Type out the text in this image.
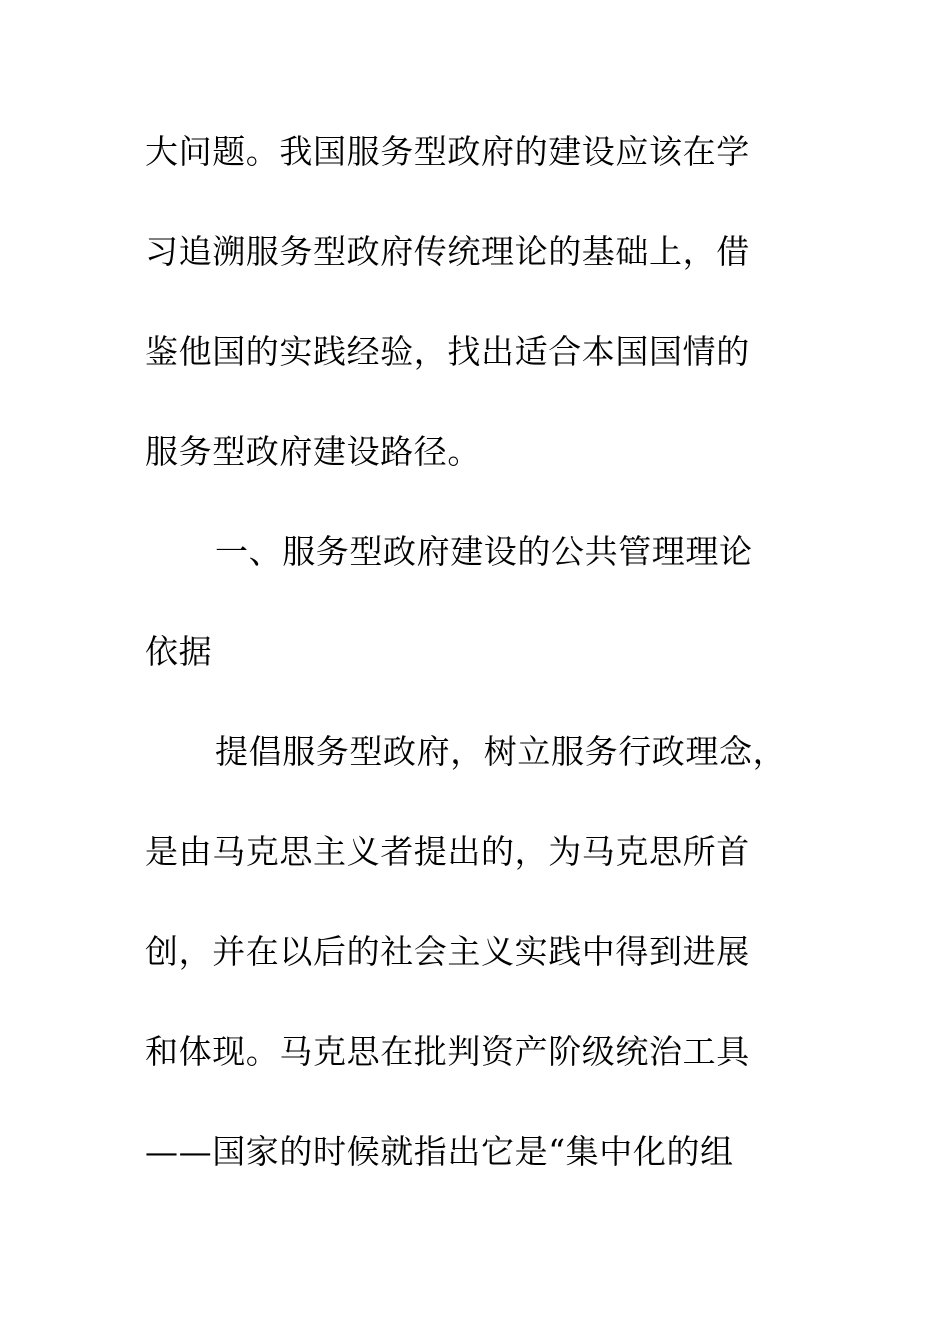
大问题。我国服务型政府的建设应该在学
习追溯服务型政府传统理论的基础上，借
鉴他国的实践经验，找出适合本国国情的
服务型政府建设路径。
一、服务型政府建设的公共管理理论
依据
提倡服务型政府，树立服务行政理念，
是由马克思主义者提出的，为马克思所首
创，并在以后的社会主义实践中得到进展
和体现。马克思在批判资产阶级统治工具
——国家的时候就指出它是“集中化的组
